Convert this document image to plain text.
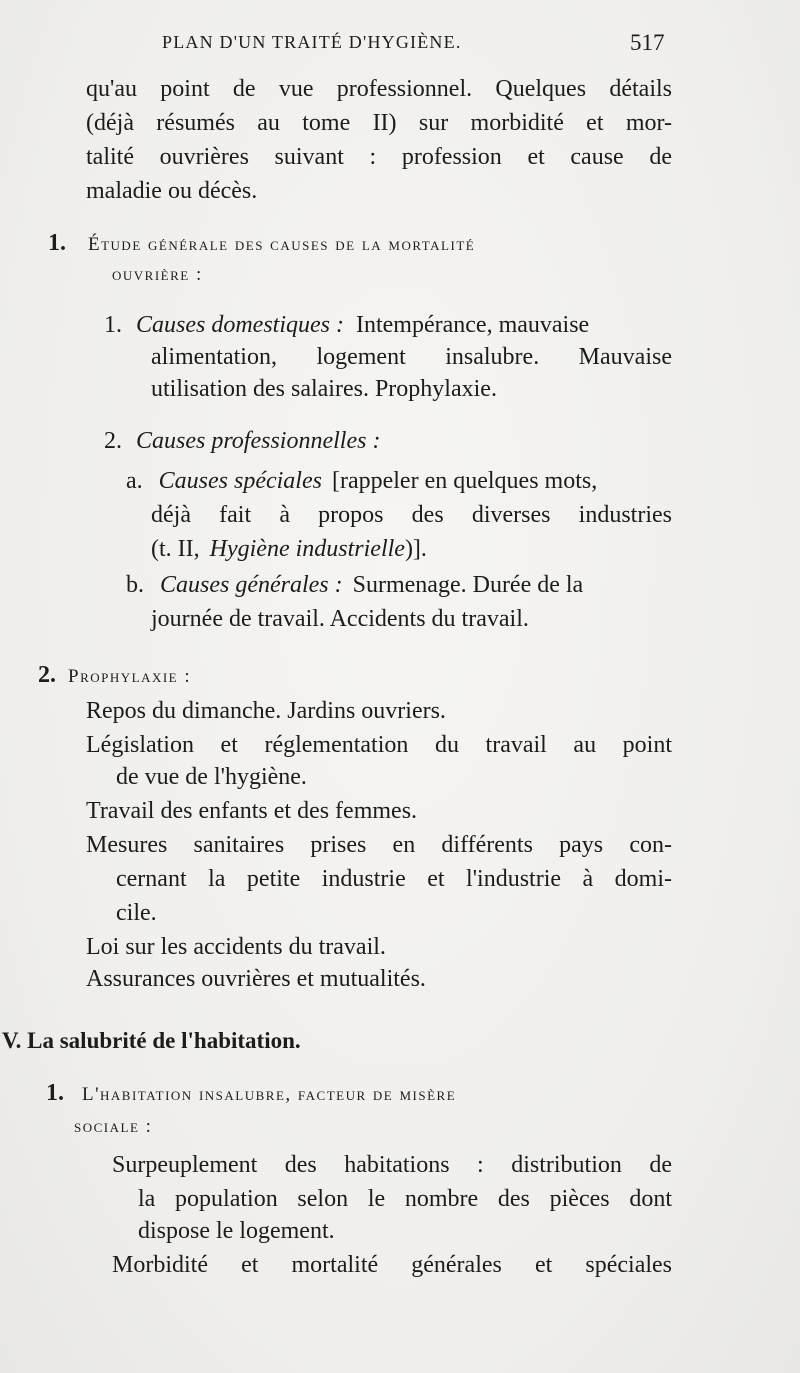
PLAN D'UN TRAITÉ D'HYGIÈNE.	517
qu'au point de vue professionnel. Quelques détails
(déjà résumés au tome II) sur morbidité et mor-
talité ouvrières suivant : profession et cause de
maladie ou décès.
1. Étude générale des causes de la mortalité
ouvrière :
1. Causes domestiques : Intempérance, mauvaise
alimentation, logement insalubre. Mauvaise
utilisation des salaires. Prophylaxie.
2. Causes professionnelles :
a. Causes spéciales [rappeler en quelques mots,
déjà fait à propos des diverses industries
(t. II, Hygiène industrielle)].
b. Causes générales : Surmenage. Durée de la
journée de travail. Accidents du travail.
2. Prophylaxie :
Repos du dimanche. Jardins ouvriers.
Législation et réglementation du travail au point
de vue de l'hygiène.
Travail des enfants et des femmes.
Mesures sanitaires prises en différents pays con-
cernant la petite industrie et l'industrie à domi-
cile.
Loi sur les accidents du travail.
Assurances ouvrières et mutualités.
V. La salubrité de l'habitation.
1. L'habitation insalubre, facteur de misère
sociale :
Surpeuplement des habitations : distribution de
la population selon le nombre des pièces dont
dispose le logement.
Morbidité et mortalité générales et spéciales
